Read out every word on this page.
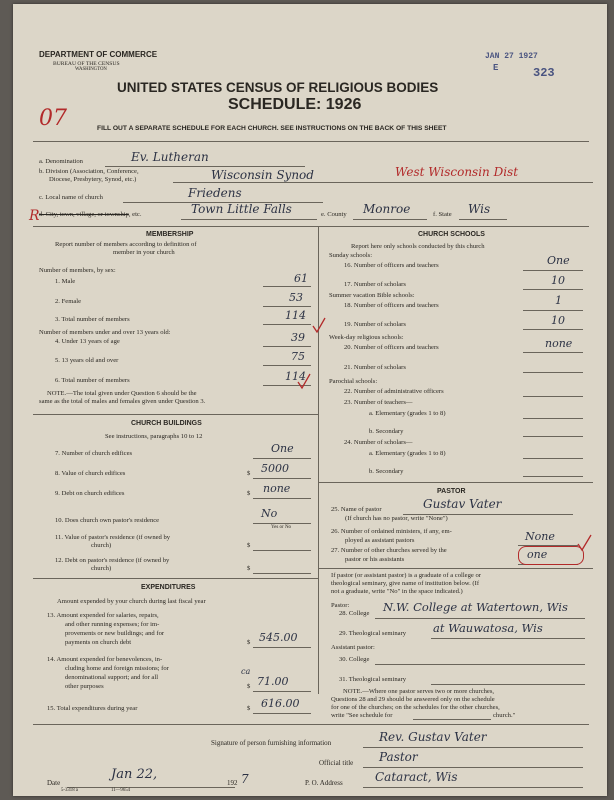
DEPARTMENT OF COMMERCE
BUREAU OF THE CENSUS
WASHINGTON
JAN 27 1927
E	323
UNITED STATES CENSUS OF RELIGIOUS BODIES
SCHEDULE: 1926
07	FILL OUT A SEPARATE SCHEDULE FOR EACH CHURCH. SEE INSTRUCTIONS ON THE BACK OF THIS SHEET
a. Denomination	Ev. Lutheran
b. Division (Association, Conference,
Diocese, Presbytery, Synod, etc.)	Wisconsin Synod	West Wisconsin Dist
R
c. Local name of church	Friedens
d. City, town, village, or township, etc.	Town Little Falls	e. County Monroe	f. State Wis
MEMBERSHIP
Report number of members according to definition of
member in your church
Number of members, by sex:
1. Male	61
2. Female	53
3. Total number of members	114
Number of members under and over 13 years old:
4. Under 13 years of age	39
5. 13 years old and over	75
6. Total number of members	114
NOTE.—The total given under Question 6 should be the
same as the total of males and females given under Question 3.
CHURCH BUILDINGS
See instructions, paragraphs 10 to 12
7. Number of church edifices	One
8. Value of church edifices	$ 5000
9. Debt on church edifices	$ none
10. Does church own pastor's residence
No
Yes or No
11. Value of pastor's residence (if owned by
church)	$
12. Debt on pastor's residence (if owned by
church)	$
EXPENDITURES
Amount expended by your church during last fiscal year
13. Amount expended for salaries, repairs,
and other running expenses; for im-
provements or new buildings; and for
payments on church debt	$ 545.00
14. Amount expended for benevolences, in-
cluding home and foreign missions; for
denominational support; and for all
other purposes	$
ca
71.00
15. Total expenditures during year	$ 616.00
CHURCH SCHOOLS
Report here only schools conducted by this church
Sunday schools:
16. Number of officers and teachers	One
17. Number of scholars	10
Summer vacation Bible schools:
18. Number of officers and teachers	1
19. Number of scholars	10
Week-day religious schools:
20. Number of officers and teachers	none
21. Number of scholars
Parochial schools:
22. Number of administrative officers
23. Number of teachers—
a. Elementary (grades 1 to 8)
b. Secondary
24. Number of scholars—
a. Elementary (grades 1 to 8)
b. Secondary
PASTOR
25. Name of pastor	Gustav Vater
(If church has no pastor, write "None")
26. Number of ordained ministers, if any, em-
ployed as assistant pastors	None
27. Number of other churches served by the
pastor or his assistants	one
If pastor (or assistant pastor) is a graduate of a college or
theological seminary, give name of institution below. (If
not a graduate, write "No" in the space indicated.)
Pastor:
28. College N.W. College at Watertown, Wis
29. Theological seminary at Wauwatosa, Wis
Assistant pastor:
30. College
31. Theological seminary
NOTE.—Where one pastor serves two or more churches,
Questions 28 and 29 should be answered only on the schedule
for one of the churches; on the schedules for the other churches,
write "See schedule for	church."
Signature of person furnishing information	Rev. Gustav Vater
Official title Pastor
Date
Jan 22,
192 7	P. O. Address	Cataract, Wis
5-3318 a	11—9654
